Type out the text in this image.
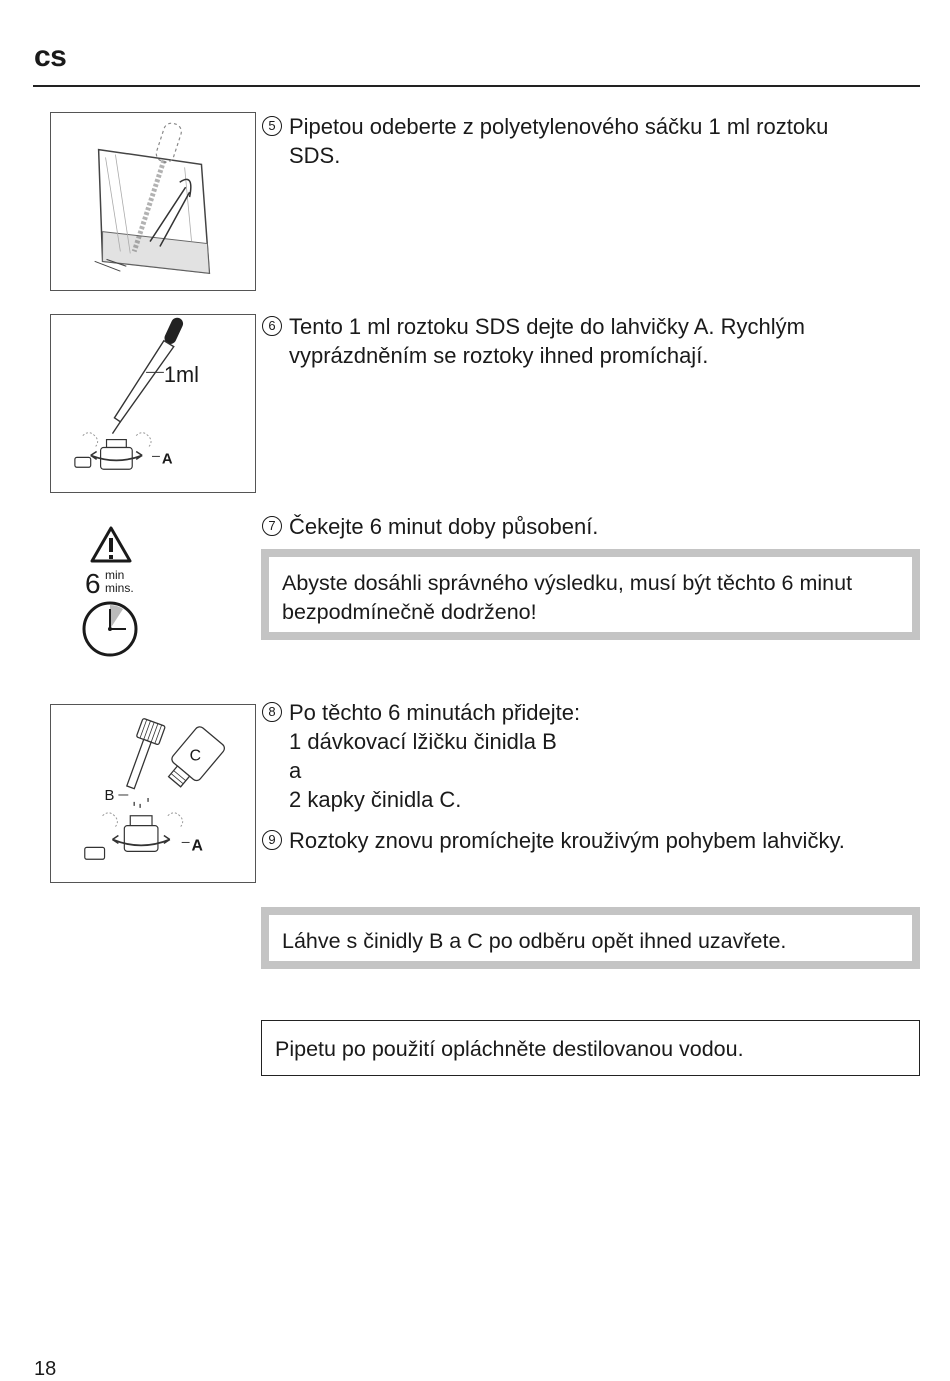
cs
5 Pipetou odeberte z polyetylenového sáčku 1 ml roztoku
SDS.
1ml
A
6 Tento 1 ml roztoku SDS dejte do lahvičky A. Rychlým
vyprázdněním se roztoky ihned promíchají.
6 min
mins.
7 Čekejte 6 minut doby působení.
Abyste dosáhli správného výsledku, musí být těchto 6 minut
bezpodmínečně dodrženo!
C
B
A
8 Po těchto 6 minutách přidejte:
1 dávkovací lžičku činidla B
a
2 kapky činidla C.
9 Roztoky znovu promíchejte krouživým pohybem lahvičky.
Láhve s činidly B a C po odběru opět ihned uzavřete.
Pipetu po použití opláchněte destilovanou vodou.
18
